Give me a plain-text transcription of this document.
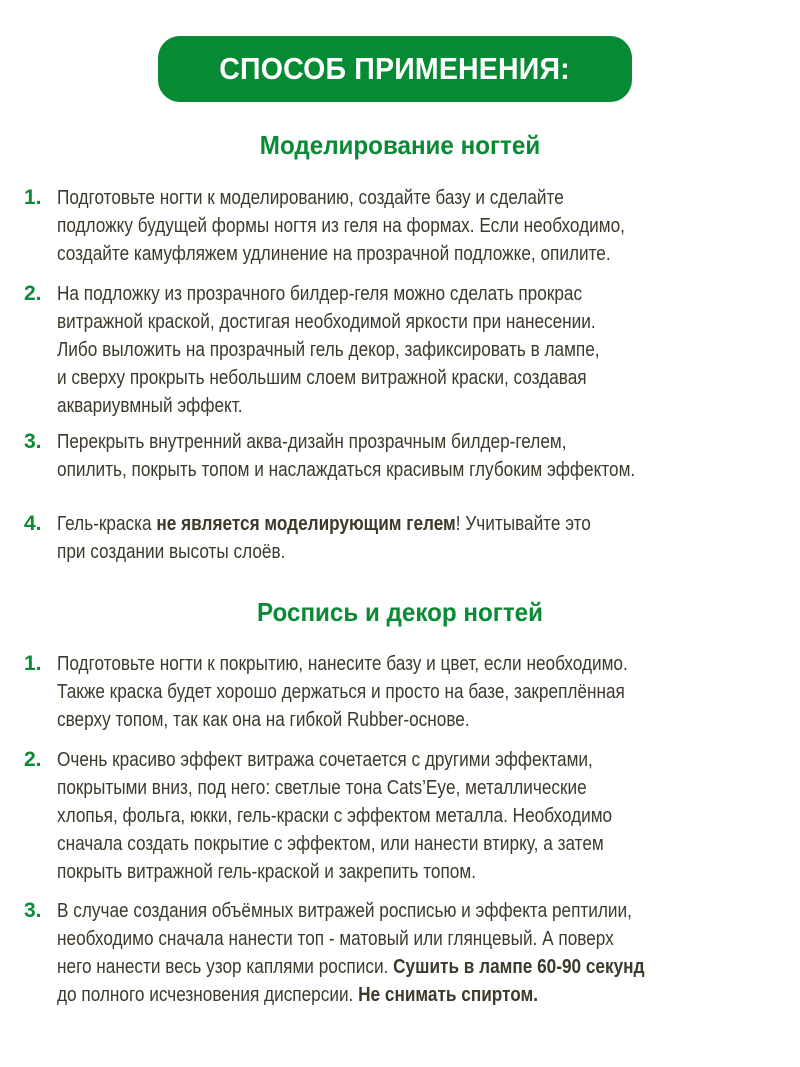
СПОСОБ ПРИМЕНЕНИЯ:
Моделирование ногтей
1. Подготовьте ногти к моделированию, создайте базу и сделайте
подложку будущей формы ногтя из геля на формах. Если необходимо,
создайте камуфляжем удлинение на прозрачной подложке, опилите.
2. На подложку из прозрачного билдер-геля можно сделать прокрас
витражной краской, достигая необходимой яркости при нанесении.
Либо выложить на прозрачный гель декор, зафиксировать в лампе,
и сверху прокрыть небольшим слоем витражной краски, создавая
аквариувмный эффект.
3. Перекрыть внутренний аква-дизайн прозрачным билдер-гелем,
опилить, покрыть топом и наслаждаться красивым глубоким эффектом.
4. Гель-краска не является моделирующим гелем! Учитывайте это
при создании высоты слоёв.
Роспись и декор ногтей
1. Подготовьте ногти к покрытию, нанесите базу и цвет, если необходимо.
Также краска будет хорошо держаться и просто на базе, закреплённая
сверху топом, так как она на гибкой Rubber-основе.
2. Очень красиво эффект витража сочетается с другими эффектами,
покрытыми вниз, под него: светлые тона Cats’Eye, металлические
хлопья, фольга, юкки, гель-краски с эффектом металла. Необходимо
сначала создать покрытие с эффектом, или нанести втирку, а затем
покрыть витражной гель-краской и закрепить топом.
3. В случае создания объёмных витражей росписью и эффекта рептилии,
необходимо сначала нанести топ - матовый или глянцевый. А поверх
него нанести весь узор каплями росписи. Сушить в лампе 60-90 секунд
до полного исчезновения дисперсии. Не снимать спиртом.
